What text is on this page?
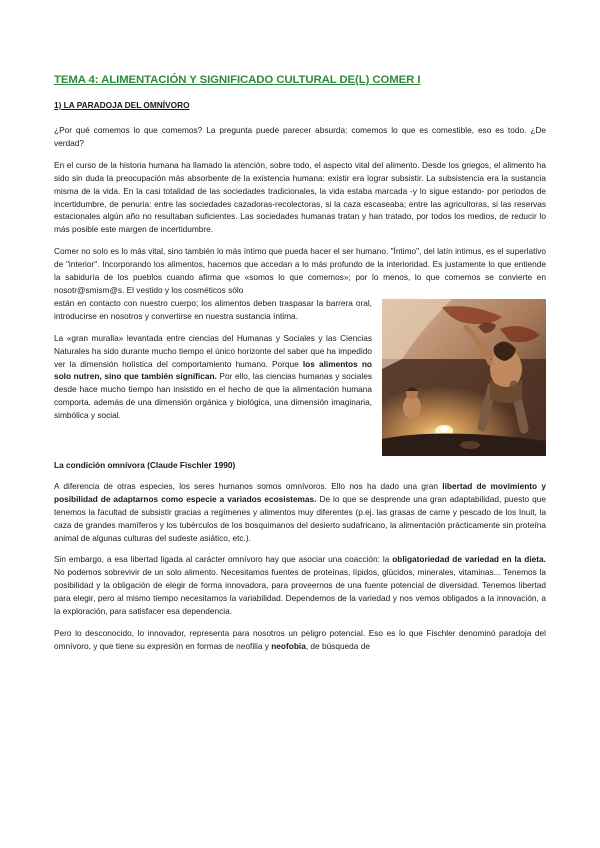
TEMA 4: ALIMENTACIÓN Y SIGNIFICADO CULTURAL DE(L) COMER I
1) LA PARADOJA DEL OMNÍVORO

¿Por qué comemos lo que comemos? La pregunta puede parecer absurda: comemos lo que es comestible, eso es todo. ¿De verdad?

En el curso de la historia humana ha llamado la atención, sobre todo, el aspecto vital del alimento. Desde los griegos, el alimento ha sido sin duda la preocupación más absorbente de la existencia humana: existir era lograr subsistir. La subsistencia era la sustancia misma de la vida. En la casi totalidad de las sociedades tradicionales, la vida estaba marcada -y lo sigue estando- por periodos de incertidumbre, de penuria: entre las sociedades cazadoras-recolectoras, si la caza escaseaba; entre las agricultoras, si las reservas estacionales algún año no resultaban suficientes. Las sociedades humanas tratan y han tratado, por todos los medios, de reducir lo más posible este margen de incertidumbre.

Comer no solo es lo más vital, sino también lo más íntimo que pueda hacer el ser humano. "Íntimo", del latín intimus, es el superlativo de "interior". Incorporando los alimentos, hacemos que accedan a lo más profundo de la interioridad. Es justamente lo que entiende la sabiduría de los pueblos cuando afirma que «somos lo que comemos»; por lo menos, lo que comemos se convierte en nosotr@smism@s. El vestido y los cosméticos sólo

están en contacto con nuestro cuerpo; los alimentos deben traspasar la barrera oral, introducirse en nosotros y convertirse en nuestra sustancia íntima.

La «gran muralla» levantada entre ciencias del Humanas y Sociales y las Ciencias Naturales ha sido durante mucho tiempo el único horizonte del saber que ha impedido ver la dimensión holística del comportamiento humano. Porque los alimentos no solo nutren, sino que también significan. Por ello, las ciencias humanas y sociales desde hace mucho tiempo han insistido en el hecho de que la alimentación humana comporta, además de una dimensión orgánica y biológica, una dimensión imaginaria, simbólica y social.

La condición omnívora (Claude Fischler 1990)

A diferencia de otras especies, los seres humanos somos omnívoros. Ello nos ha dado una gran libertad de movimiento y posibilidad de adaptarnos como especie a variados ecosistemas. De lo que se desprende una gran adaptabilidad, puesto que tenemos la facultad de subsistir gracias a regímenes y alimentos muy diferentes (p.ej. las grasas de carne y pescado de los Inuit, la caza de grandes mamíferos y los tubérculos de los bosquimanos del desierto sudafricano, la alimentación prácticamente sin proteína animal de algunas culturas del sudeste asiático, etc.).

Sin embargo, a esa libertad ligada al carácter omnívoro hay que asociar una coacción: la obligatoriedad de variedad en la dieta. No podemos sobrevivir de un solo alimento. Necesitamos fuentes de proteínas, lípidos, glúcidos, minerales, vitaminas... Tenemos la posibilidad y la obligación de elegir de forma innovadora, para proveernos de una fuente potencial de diversidad. Tenemos libertad para elegir, pero al mismo tiempo necesitamos la variabilidad. Dependemos de la variedad y nos vemos obligados a la innovación, a la exploración, para satisfacer esa dependencia.

Pero lo desconocido, lo innovador, representa para nosotros un peligro potencial. Eso es lo que Fischler denominó paradoja del omnívoro, y que tiene su expresión en formas de neofilia y neofobia, de búsqueda de
